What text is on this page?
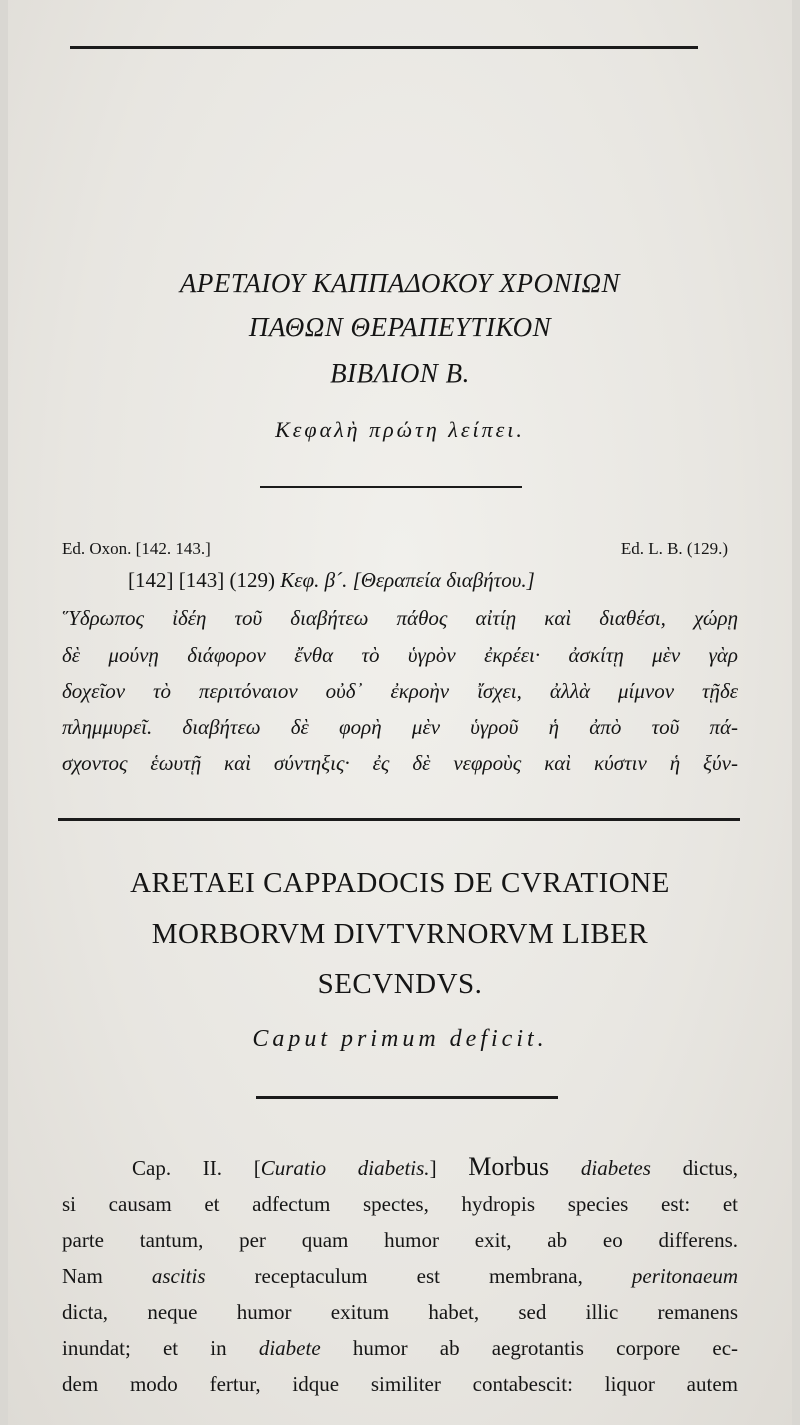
ΑΡΕΤΑΙΟΥ ΚΑΠΠΑΔΟΚΟΥ ΧΡΟΝΙΩΝ
ΠΑΘΩΝ ΘΕΡΑΠΕΥΤΙΚΟΝ
ΒΙΒΛΙΟΝ Β.
Κεφαλὴ πρώτη λείπει.
Ed. Oxon. [142. 143.]	Ed. L. B. (129.)
[142] [143] (129) Κεφ. β´. [Θεραπεία διαβήτου.]
Ὕδρωπος ἰδέη τοῦ διαβήτεω πάθος αἰτίῃ καὶ διαθέσι, χώρῃ
δὲ μούνῃ διάφορον ἔνθα τὸ ὑγρὸν ἐκρέει· ἀσκίτῃ μὲν γὰρ
δοχεῖον τὸ περιτόναιον οὐδ᾽ ἐκροὴν ἴσχει, ἀλλὰ μίμνον τῇδε
πλημμυρεῖ. διαβήτεω δὲ φορὴ μὲν ὑγροῦ ἡ ἀπὸ τοῦ πά-
σχοντος ἑωυτῇ καὶ σύντηξις· ἐς δὲ νεφροὺς καὶ κύστιν ἡ ξύν-
ARETAEI CAPPADOCIS DE CVRATIONE
MORBORVM DIVTVRNORVM LIBER
SECVNDVS.
Caput primum deficit.
Cap. II. [Curatio diabetis.] Morbus diabetes dictus,
si causam et adfectum spectes, hydropis species est: et
parte tantum, per quam humor exit, ab eo differens.
Nam ascitis receptaculum est membrana, peritonaeum
dicta, neque humor exitum habet, sed illic remanens
inundat; et in diabete humor ab aegrotantis corpore ec-
dem modo fertur, idque similiter contabescit: liquor autem
